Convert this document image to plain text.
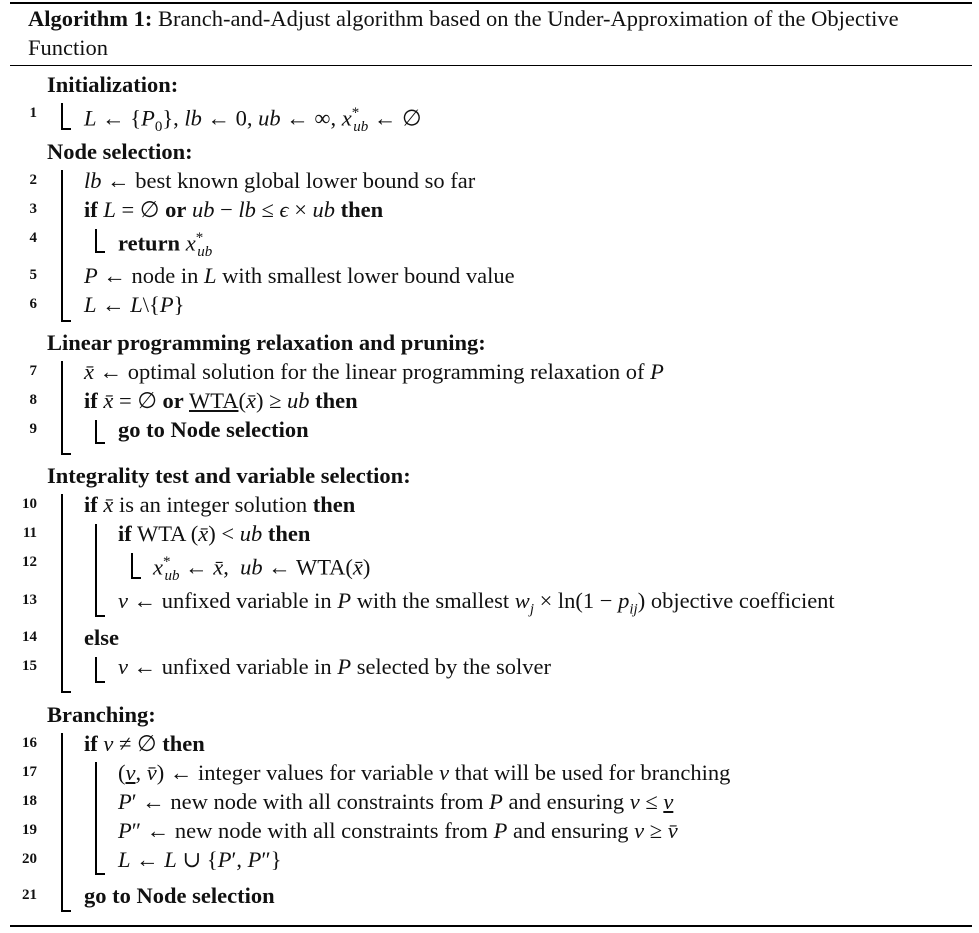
Algorithm 1: Branch-and-Adjust algorithm based on the Under-Approximation of the Objective Function
Initialization:
1 L ← $\{P_0\}$, lb ← 0, ub ← ∞, $x^*_{ub}$ ← ∅
Node selection:
2 lb ← best known global lower bound so far
3 if L = ∅ or ub − lb ≤ ϵ × ub then
4	return $x^*_{ub}$
5 P ← node in L with smallest lower bound value
6 L ← L\{P}
Linear programming relaxation and pruning:
7 x̄ ← optimal solution for the linear programming relaxation of P
8 if x̄ = ∅ or WTA(x̄) ≥ ub then
9	go to Node selection
Integrality test and variable selection:
10 if x̄ is an integer solution then
11	if WTA (x̄) < ub then
12	$x^*_{ub}$ ← x̄,  ub ← WTA(x̄)
13	v ← unfixed variable in P with the smallest $w_j \times \ln(1 - p_{ij})$ objective coefficient
14 else
15	v ← unfixed variable in P selected by the solver
Branching:
16 if v ≠ ∅ then
17	(v, v̄) ← integer values for variable v that will be used for branching
18	P′ ← new node with all constraints from P and ensuring v ≤ v
19	P″ ← new node with all constraints from P and ensuring v ≥ v̄
20	L ← L ∪ {P′, P″}
21 go to Node selection
